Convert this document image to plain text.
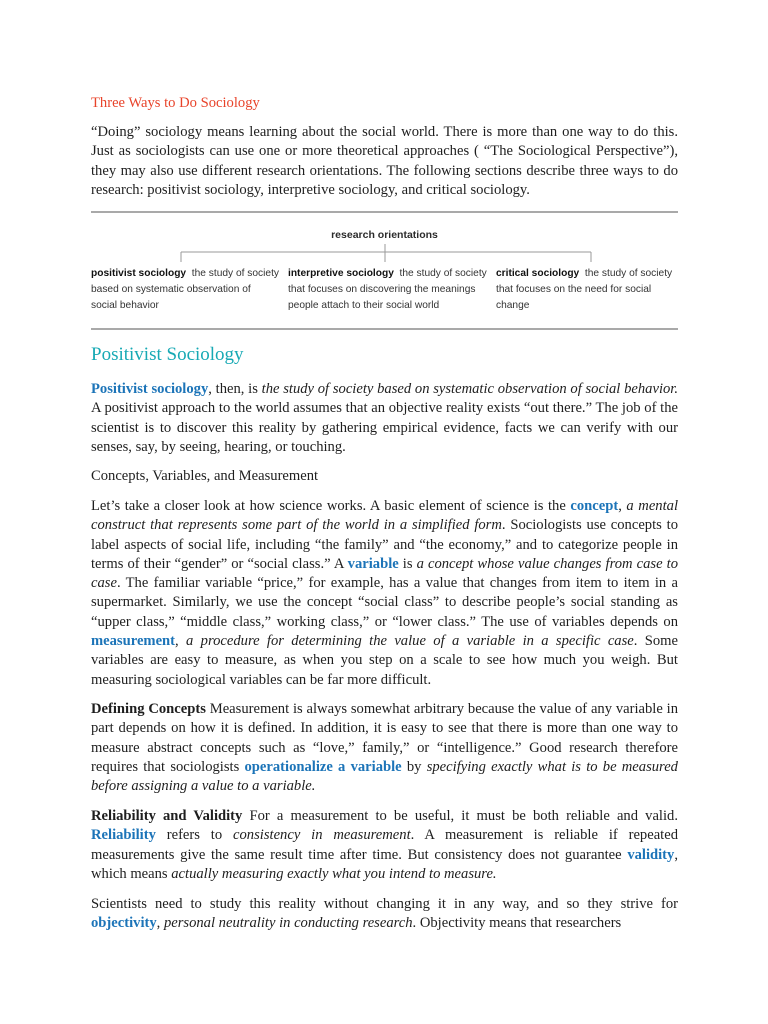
Three Ways to Do Sociology

“Doing” sociology means learning about the social world. There is more than one way to do this. Just as sociologists can use one or more theoretical approaches ( “The Sociological Perspective”), they may also use different research orientations. The following sections describe three ways to do research: positivist sociology, interpretive sociology, and critical sociology.

research orientations
positivist sociology the study of society based on systematic observation of social behavior
interpretive sociology the study of society that focuses on discovering the meanings people attach to their social world
critical sociology the study of society that focuses on the need for social change
Positivist Sociology

Positivist sociology, then, is the study of society based on systematic observation of social behavior. A positivist approach to the world assumes that an objective reality exists “out there.” The job of the scientist is to discover this reality by gathering empirical evidence, facts we can verify with our senses, say, by seeing, hearing, or touching.

Concepts, Variables, and Measurement

Let’s take a closer look at how science works. A basic element of science is the concept, a mental construct that represents some part of the world in a simplified form. Sociologists use concepts to label aspects of social life, including “the family” and “the economy,” and to categorize people in terms of their “gender” or “social class.” A variable is a concept whose value changes from case to case. The familiar variable “price,” for example, has a value that changes from item to item in a supermarket. Similarly, we use the concept “social class” to describe people’s social standing as “upper class,” “middle class,” working class,” or “lower class.” The use of variables depends on measurement, a procedure for determining the value of a variable in a specific case. Some variables are easy to measure, as when you step on a scale to see how much you weigh. But measuring sociological variables can be far more difficult.

Defining Concepts Measurement is always somewhat arbitrary because the value of any variable in part depends on how it is defined. In addition, it is easy to see that there is more than one way to measure abstract concepts such as “love,” family,” or “intelligence.” Good research therefore requires that sociologists operationalize a variable by specifying exactly what is to be measured before assigning a value to a variable.

Reliability and Validity For a measurement to be useful, it must be both reliable and valid. Reliability refers to consistency in measurement. A measurement is reliable if repeated measurements give the same result time after time. But consistency does not guarantee validity, which means actually measuring exactly what you intend to measure.

Scientists need to study this reality without changing it in any way, and so they strive for objectivity, personal neutrality in conducting research. Objectivity means that researchers
